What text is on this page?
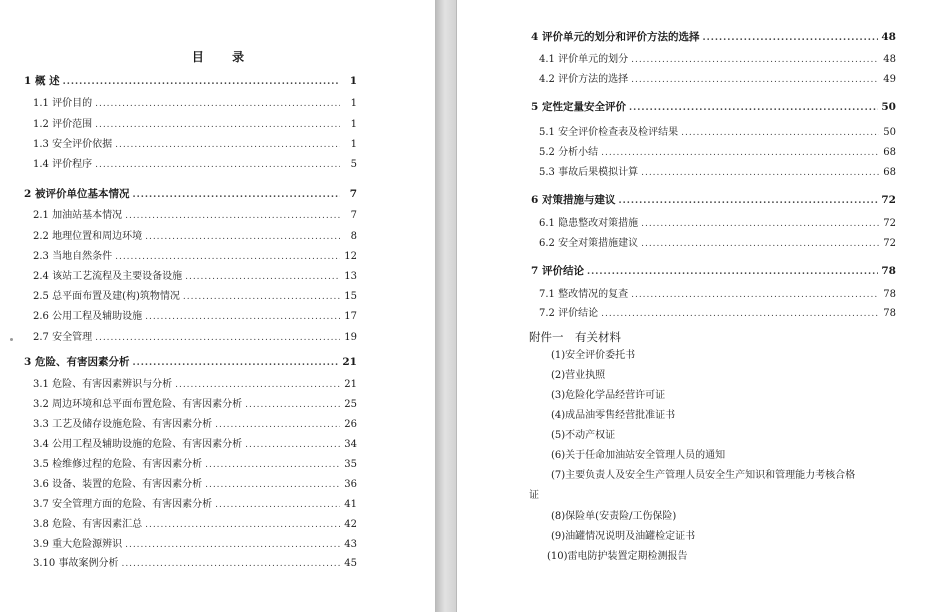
目 录
1 概 述 .....	1
1.1 评价目的 .....	1
1.2 评价范围 .....	1
1.3 安全评价依据 .....	1
1.4 评价程序 .....	5
2 被评价单位基本情况 .....	7
2.1 加油站基本情况 .....	7
2.2 地理位置和周边环境 .....	8
2.3 当地自然条件 .....	12
2.4 该站工艺流程及主要设备设施 .....	13
2.5 总平面布置及建(构)筑物情况 .....	15
2.6 公用工程及辅助设施 .....	17
2.7 安全管理 .....	19
3 危险、有害因素分析 .....	21
3.1 危险、有害因素辨识与分析 .....	21
3.2 周边环境和总平面布置危险、有害因素分析 .....	25
3.3 工艺及储存设施危险、有害因素分析 .....	26
3.4 公用工程及辅助设施的危险、有害因素分析 .....	34
3.5 检维修过程的危险、有害因素分析 .....	35
3.6 设备、装置的危险、有害因素分析 .....	36
3.7 安全管理方面的危险、有害因素分析 .....	41
3.8 危险、有害因素汇总 .....	42
3.9 重大危险源辨识 .....	43
3.10 事故案例分析 .....	45
4 评价单元的划分和评价方法的选择 .....	48
4.1 评价单元的划分 .....	48
4.2 评价方法的选择 .....	49
5 定性定量安全评价 .....	50
5.1 安全评价检查表及检评结果 .....	50
5.2 分析小结 .....	68
5.3 事故后果模拟计算 .....	68
6 对策措施与建议 .....	72
6.1 隐患整改对策措施 .....	72
6.2 安全对策措施建议 .....	72
7 评价结论 .....	78
7.1 整改情况的复查 .....	78
7.2 评价结论 .....	78
附件一　有关材料
(1)安全评价委托书
(2)营业执照
(3)危险化学品经营许可证
(4)成品油零售经营批准证书
(5)不动产权证
(6)关于任命加油站安全管理人员的通知
(7)主要负责人及安全生产管理人员安全生产知识和管理能力考核合格
(8)保险单(安责险/工伤保险)
(9)油罐情况说明及油罐检定证书
(10)雷电防护装置定期检测报告
证
